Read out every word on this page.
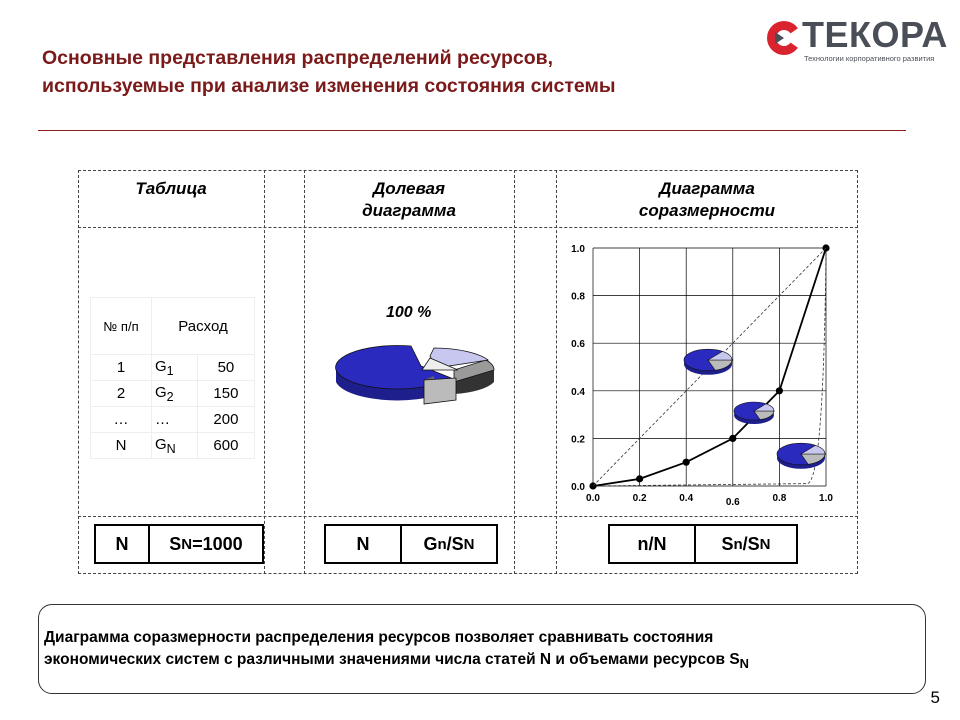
Основные представления распределений ресурсов,
используемые при анализе изменения состояния системы
ТЕКОРА
Технологии корпоративного развития
Таблица	Долевая
диаграмма
Диаграмма
соразмерности
№ п/п	Расход	
1	$G_1$	50
2	$G_2$	150
…	…	200
N	$G_N$	600
100 %
0.0	0.2	0.4	0.6	0.8	1.0
0.0
0.2
0.4
0.6
0.8
1.0
N	S N =1000	N	G n /S N	n/N	S n /S N
Диаграмма соразмерности распределения ресурсов позволяет сравнивать состояния
экономических систем с различными значениями числа статей N и объемами ресурсов $S_N$
5
